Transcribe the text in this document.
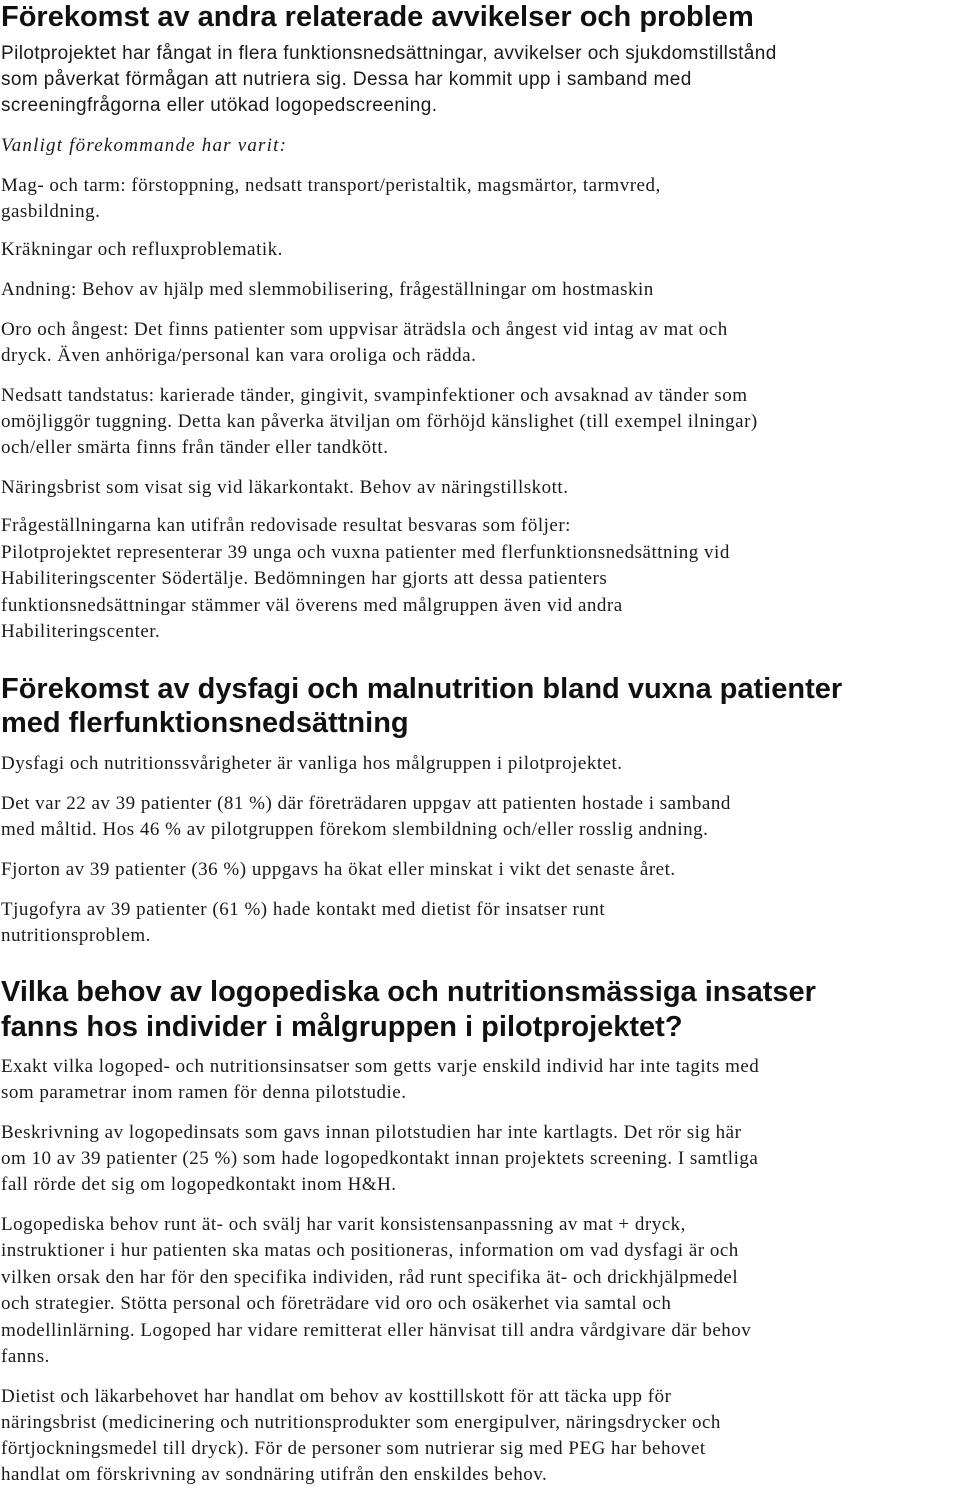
Förekomst av andra relaterade avvikelser och problem
Pilotprojektet har fångat in flera funktionsnedsättningar, avvikelser och sjukdomstillstånd
som påverkat förmågan att nutriera sig. Dessa har kommit upp i samband med
screeningfrågorna eller utökad logopedscreening.
Vanligt förekommande har varit:
Mag- och tarm: förstoppning, nedsatt transport/peristaltik, magsmärtor, tarmvred,
gasbildning.
Kräkningar och refluxproblematik.
Andning: Behov av hjälp med slemmobilisering, frågeställningar om hostmaskin
Oro och ångest: Det finns patienter som uppvisar äträdsla och ångest vid intag av mat och
dryck. Även anhöriga/personal kan vara oroliga och rädda.
Nedsatt tandstatus: karierade tänder, gingivit, svampinfektioner och avsaknad av tänder som
omöjliggör tuggning. Detta kan påverka ätviljan om förhöjd känslighet (till exempel ilningar)
och/eller smärta finns från tänder eller tandkött.
Näringsbrist som visat sig vid läkarkontakt. Behov av näringstillskott.
Frågeställningarna kan utifrån redovisade resultat besvaras som följer:
Pilotprojektet representerar 39 unga och vuxna patienter med flerfunktionsnedsättning vid
Habiliteringscenter Södertälje. Bedömningen har gjorts att dessa patienters
funktionsnedsättningar stämmer väl överens med målgruppen även vid andra
Habiliteringscenter.
Förekomst av dysfagi och malnutrition bland vuxna patienter
med flerfunktionsnedsättning
Dysfagi och nutritionssvårigheter är vanliga hos målgruppen i pilotprojektet.
Det var 22 av 39 patienter (81 %) där företrädaren uppgav att patienten hostade i samband
med måltid. Hos 46 % av pilotgruppen förekom slembildning och/eller rosslig andning.
Fjorton av 39 patienter (36 %) uppgavs ha ökat eller minskat i vikt det senaste året.
Tjugofyra av 39 patienter (61 %) hade kontakt med dietist för insatser runt
nutritionsproblem.
Vilka behov av logopediska och nutritionsmässiga insatser
fanns hos individer i målgruppen i pilotprojektet?
Exakt vilka logoped- och nutritionsinsatser som getts varje enskild individ har inte tagits med
som parametrar inom ramen för denna pilotstudie.
Beskrivning av logopedinsats som gavs innan pilotstudien har inte kartlagts. Det rör sig här
om 10 av 39 patienter (25 %) som hade logopedkontakt innan projektets screening. I samtliga
fall rörde det sig om logopedkontakt inom H&H.
Logopediska behov runt ät- och svälj har varit konsistensanpassning av mat + dryck,
instruktioner i hur patienten ska matas och positioneras, information om vad dysfagi är och
vilken orsak den har för den specifika individen, råd runt specifika ät- och drickhjälpmedel
och strategier. Stötta personal och företrädare vid oro och osäkerhet via samtal och
modellinlärning. Logoped har vidare remitterat eller hänvisat till andra vårdgivare där behov
fanns.
Dietist och läkarbehovet har handlat om behov av kosttillskott för att täcka upp för
näringsbrist (medicinering och nutritionsprodukter som energipulver, näringsdrycker och
förtjockningsmedel till dryck). För de personer som nutrierar sig med PEG har behovet
handlat om förskrivning av sondnäring utifrån den enskildes behov.
